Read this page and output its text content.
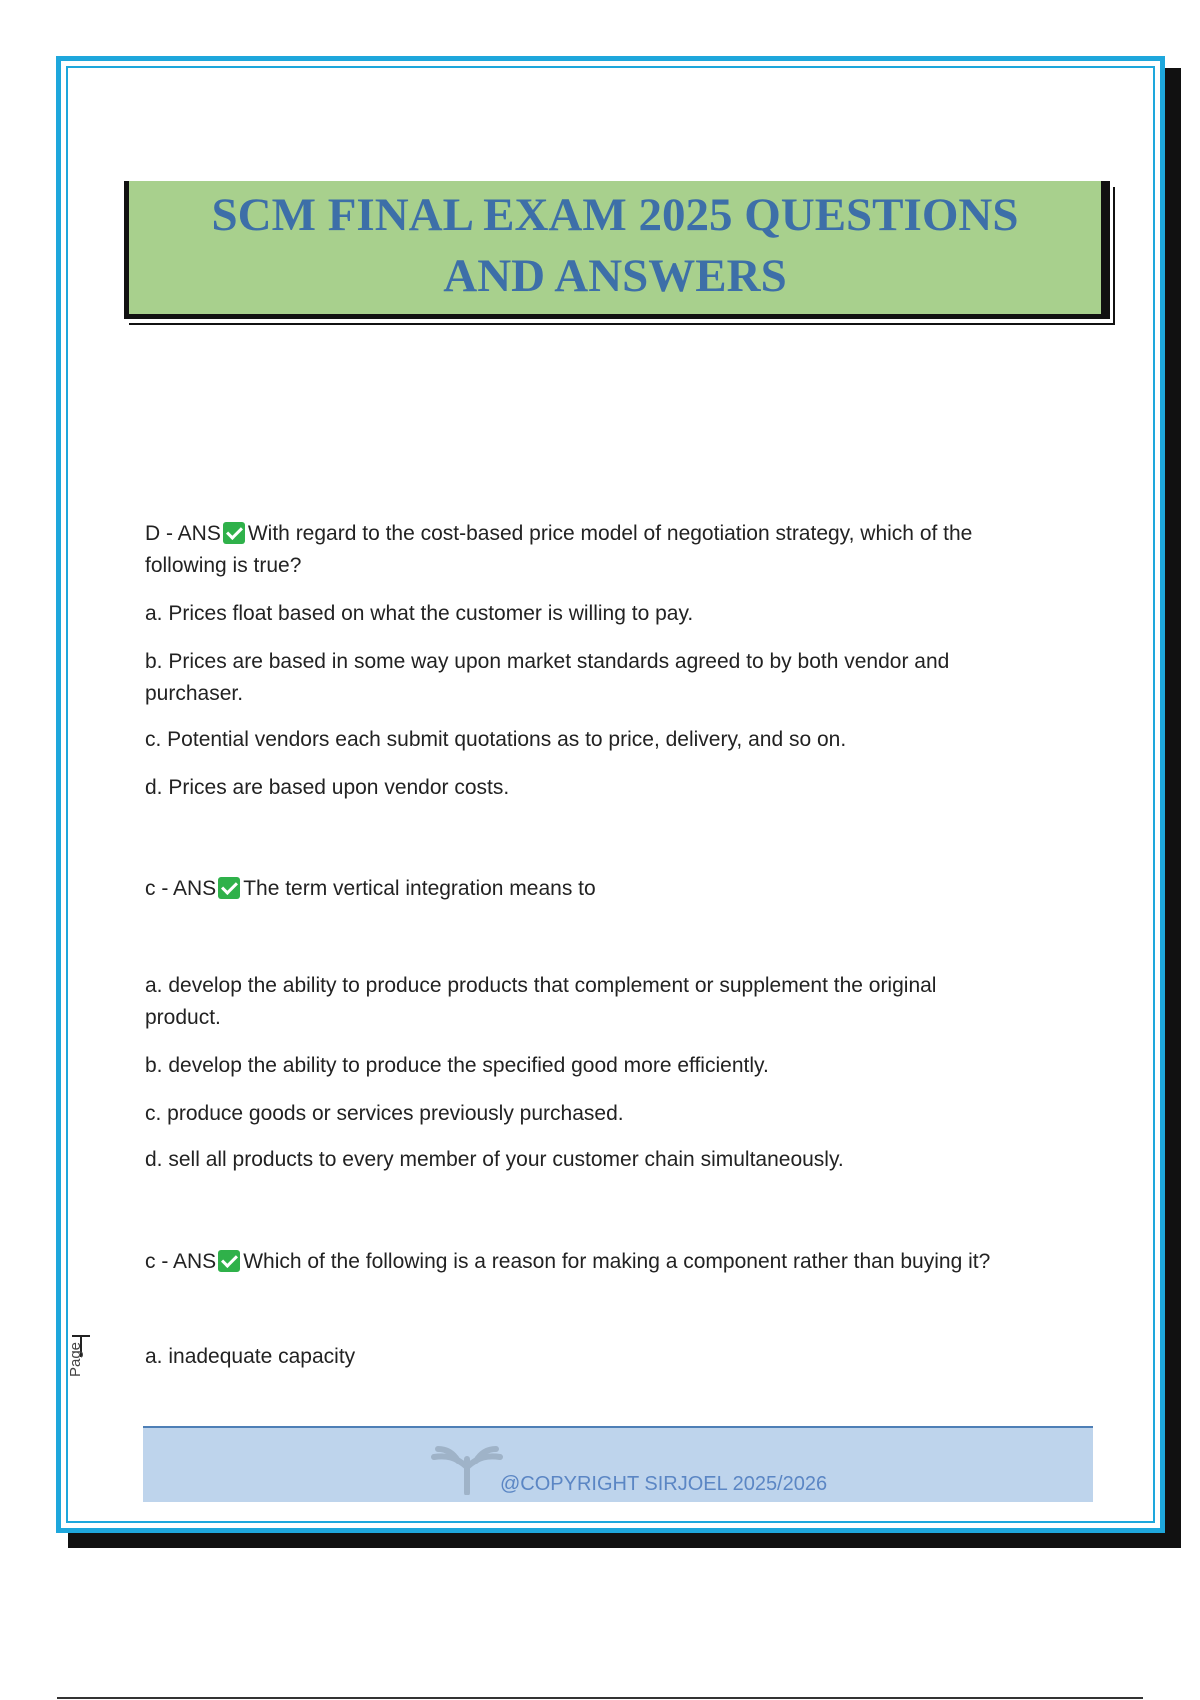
SCM FINAL EXAM 2025 QUESTIONS
AND ANSWERS

D - ANS With regard to the cost-based price model of negotiation strategy, which of the
following is true?

a. Prices float based on what the customer is willing to pay.

b. Prices are based in some way upon market standards agreed to by both vendor and
purchaser.

c. Potential vendors each submit quotations as to price, delivery, and so on.

d. Prices are based upon vendor costs.

c - ANS The term vertical integration means to

a. develop the ability to produce products that complement or supplement the original
product.

b. develop the ability to produce the specified good more efficiently.

c. produce goods or services previously purchased.

d. sell all products to every member of your customer chain simultaneously.

c - ANS Which of the following is a reason for making a component rather than buying it?

a. inadequate capacity

Page
@COPYRIGHT SIRJOEL 2025/2026
